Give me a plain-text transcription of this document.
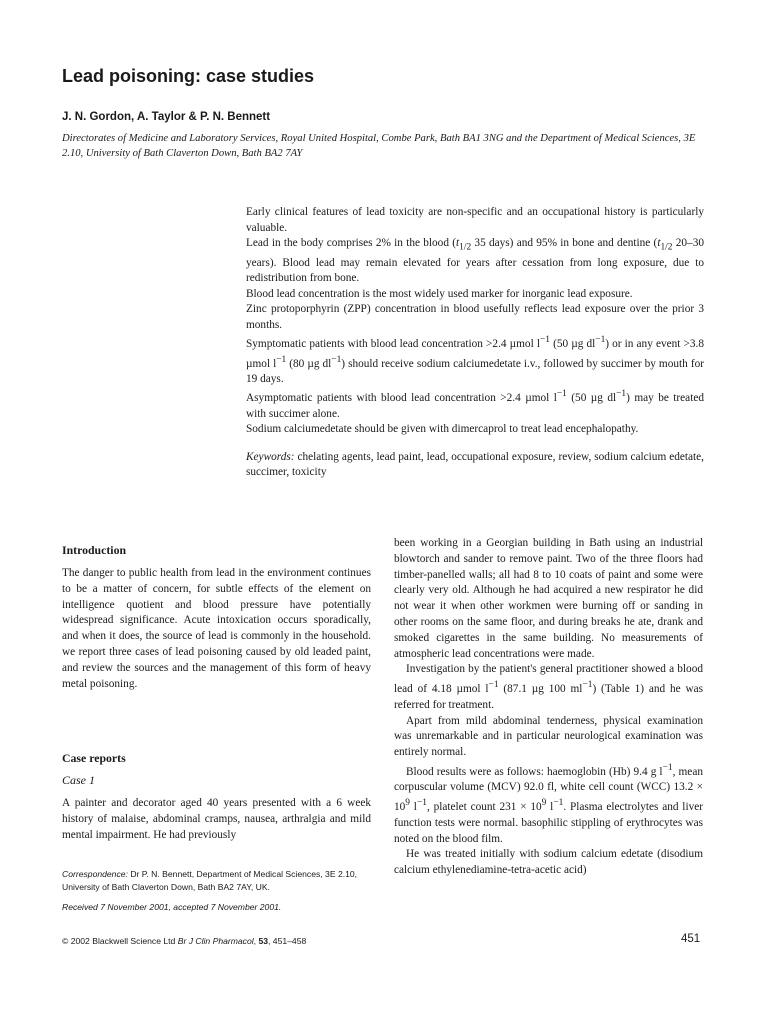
Lead poisoning: case studies
J. N. Gordon, A. Taylor & P. N. Bennett
Directorates of Medicine and Laboratory Services, Royal United Hospital, Combe Park, Bath BA1 3NG and the Department of Medical Sciences, 3E 2.10, University of Bath Claverton Down, Bath BA2 7AY

Early clinical features of lead toxicity are non-specific and an occupational history is particularly valuable.

Lead in the body comprises 2% in the blood ($t_{1/2}$ 35 days) and 95% in bone and dentine ($t_{1/2}$ 20–30 years). Blood lead may remain elevated for years after cessation from long exposure, due to redistribution from bone.

Blood lead concentration is the most widely used marker for inorganic lead exposure.

Zinc protoporphyrin (ZPP) concentration in blood usefully reflects lead exposure over the prior 3 months.

Symptomatic patients with blood lead concentration >2.4 µmol $l^{-1}$ (50 µg $dl^{-1}$) or in any event >3.8 µmol $l^{-1}$ (80 µg $dl^{-1}$) should receive sodium calciumedetate i.v., followed by succimer by mouth for 19 days.

Asymptomatic patients with blood lead concentration >2.4 µmol $l^{-1}$ (50 µg $dl^{-1}$) may be treated with succimer alone.

Sodium calciumedetate should be given with dimercaprol to treat lead encephalopathy.

Keywords: chelating agents, lead paint, lead, occupational exposure, review, sodium calcium edetate, succimer, toxicity

Introduction
The danger to public health from lead in the environment continues to be a matter of concern, for subtle effects of the element on intelligence quotient and blood pressure have potentially widespread significance. Acute intoxication occurs sporadically, and when it does, the source of lead is commonly in the household. we report three cases of lead poisoning caused by old leaded paint, and review the sources and the management of this form of heavy metal poisoning.
Case reports
Case 1
A painter and decorator aged 40 years presented with a 6 week history of malaise, abdominal cramps, nausea, arthralgia and mild mental impairment. He had previously

been working in a Georgian building in Bath using an industrial blowtorch and sander to remove paint. Two of the three floors had timber-panelled walls; all had 8 to 10 coats of paint and some were clearly very old. Although he had acquired a new respirator he did not wear it when other workmen were burning off or sanding in other rooms on the same floor, and during breaks he ate, drank and smoked cigarettes in the same building. No measurements of atmospheric lead concentrations were made.

Investigation by the patient's general practitioner showed a blood lead of 4.18 µmol $l^{-1}$ (87.1 µg 100 $ml^{-1}$) (Table 1) and he was referred for treatment.

Apart from mild abdominal tenderness, physical examination was unremarkable and in particular neurological examination was entirely normal.

Blood results were as follows: haemoglobin (Hb) 9.4 g $l^{-1}$, mean corpuscular volume (MCV) 92.0 fl, white cell count (WCC) $13.2 \times 10^9$ $l^{-1}$, platelet count $231 \times 10^9$ $l^{-1}$. Plasma electrolytes and liver function tests were normal. basophilic stippling of erythrocytes was noted on the blood film.

He was treated initially with sodium calcium edetate (disodium calcium ethylenediamine-tetra-acetic acid)

Correspondence: Dr P. N. Bennett, Department of Medical Sciences, 3E 2.10, University of Bath Claverton Down, Bath BA2 7AY, UK.
Received 7 November 2001, accepted 7 November 2001.
© 2002 Blackwell Science Ltd Br J Clin Pharmacol, 53, 451–458	451
